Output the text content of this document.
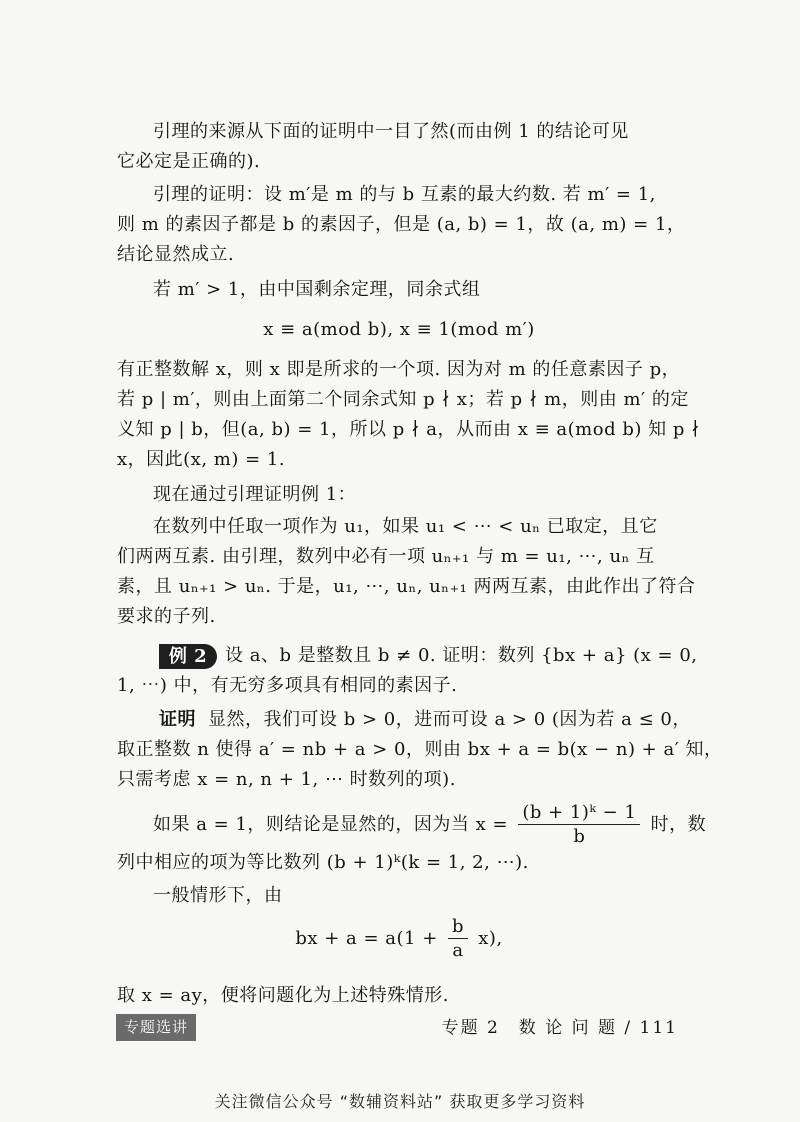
引理的来源从下面的证明中一目了然(而由例 1 的结论可见
它必定是正确的).
引理的证明：设 m′是 m 的与 b 互素的最大约数. 若 m′ = 1,
则 m 的素因子都是 b 的素因子，但是 (a, b) = 1，故 (a, m) = 1，
结论显然成立.
若 m′ > 1，由中国剩余定理，同余式组
x ≡ a(mod b), x ≡ 1(mod m′)
有正整数解 x，则 x 即是所求的一个项. 因为对 m 的任意素因子 p，
若 p | m′，则由上面第二个同余式知 p ∤ x；若 p ∤ m，则由 m′ 的定
义知 p | b，但(a, b) = 1，所以 p ∤ a，从而由 x ≡ a(mod b) 知 p ∤
x，因此(x, m) = 1.
现在通过引理证明例 1：
在数列中任取一项作为 u₁，如果 u₁ < ⋯ < uₙ 已取定，且它
们两两互素. 由引理，数列中必有一项 uₙ₊₁ 与 m = u₁, ⋯, uₙ 互
素，且 uₙ₊₁ > uₙ. 于是，u₁, ⋯, uₙ, uₙ₊₁ 两两互素，由此作出了符合
要求的子列.
例 2 设 a、b 是整数且 b ≠ 0. 证明：数列 {bx + a} (x = 0,
1, ⋯) 中，有无穷多项具有相同的素因子.
证明 显然，我们可设 b > 0，进而可设 a > 0 (因为若 a ≤ 0，
取正整数 n 使得 a′ = nb + a > 0，则由 bx + a = b(x − n) + a′ 知，
只需考虑 x = n, n + 1, ⋯ 时数列的项).
如果 a = 1，则结论是显然的，因为当 $x = \frac{\text{(b + 1)ᵏ − 1}}{b}$ 时，数
列中相应的项为等比数列 (b + 1)ᵏ(k = 1, 2, ⋯).
一般情形下，由
bx + $a = a(1 + \frac{b}{a} x)$,
取 x = ay，便将问题化为上述特殊情形.
专题选讲	专题 2　数 论 问 题 / 111
关注微信公众号 “数辅资料站” 获取更多学习资料
